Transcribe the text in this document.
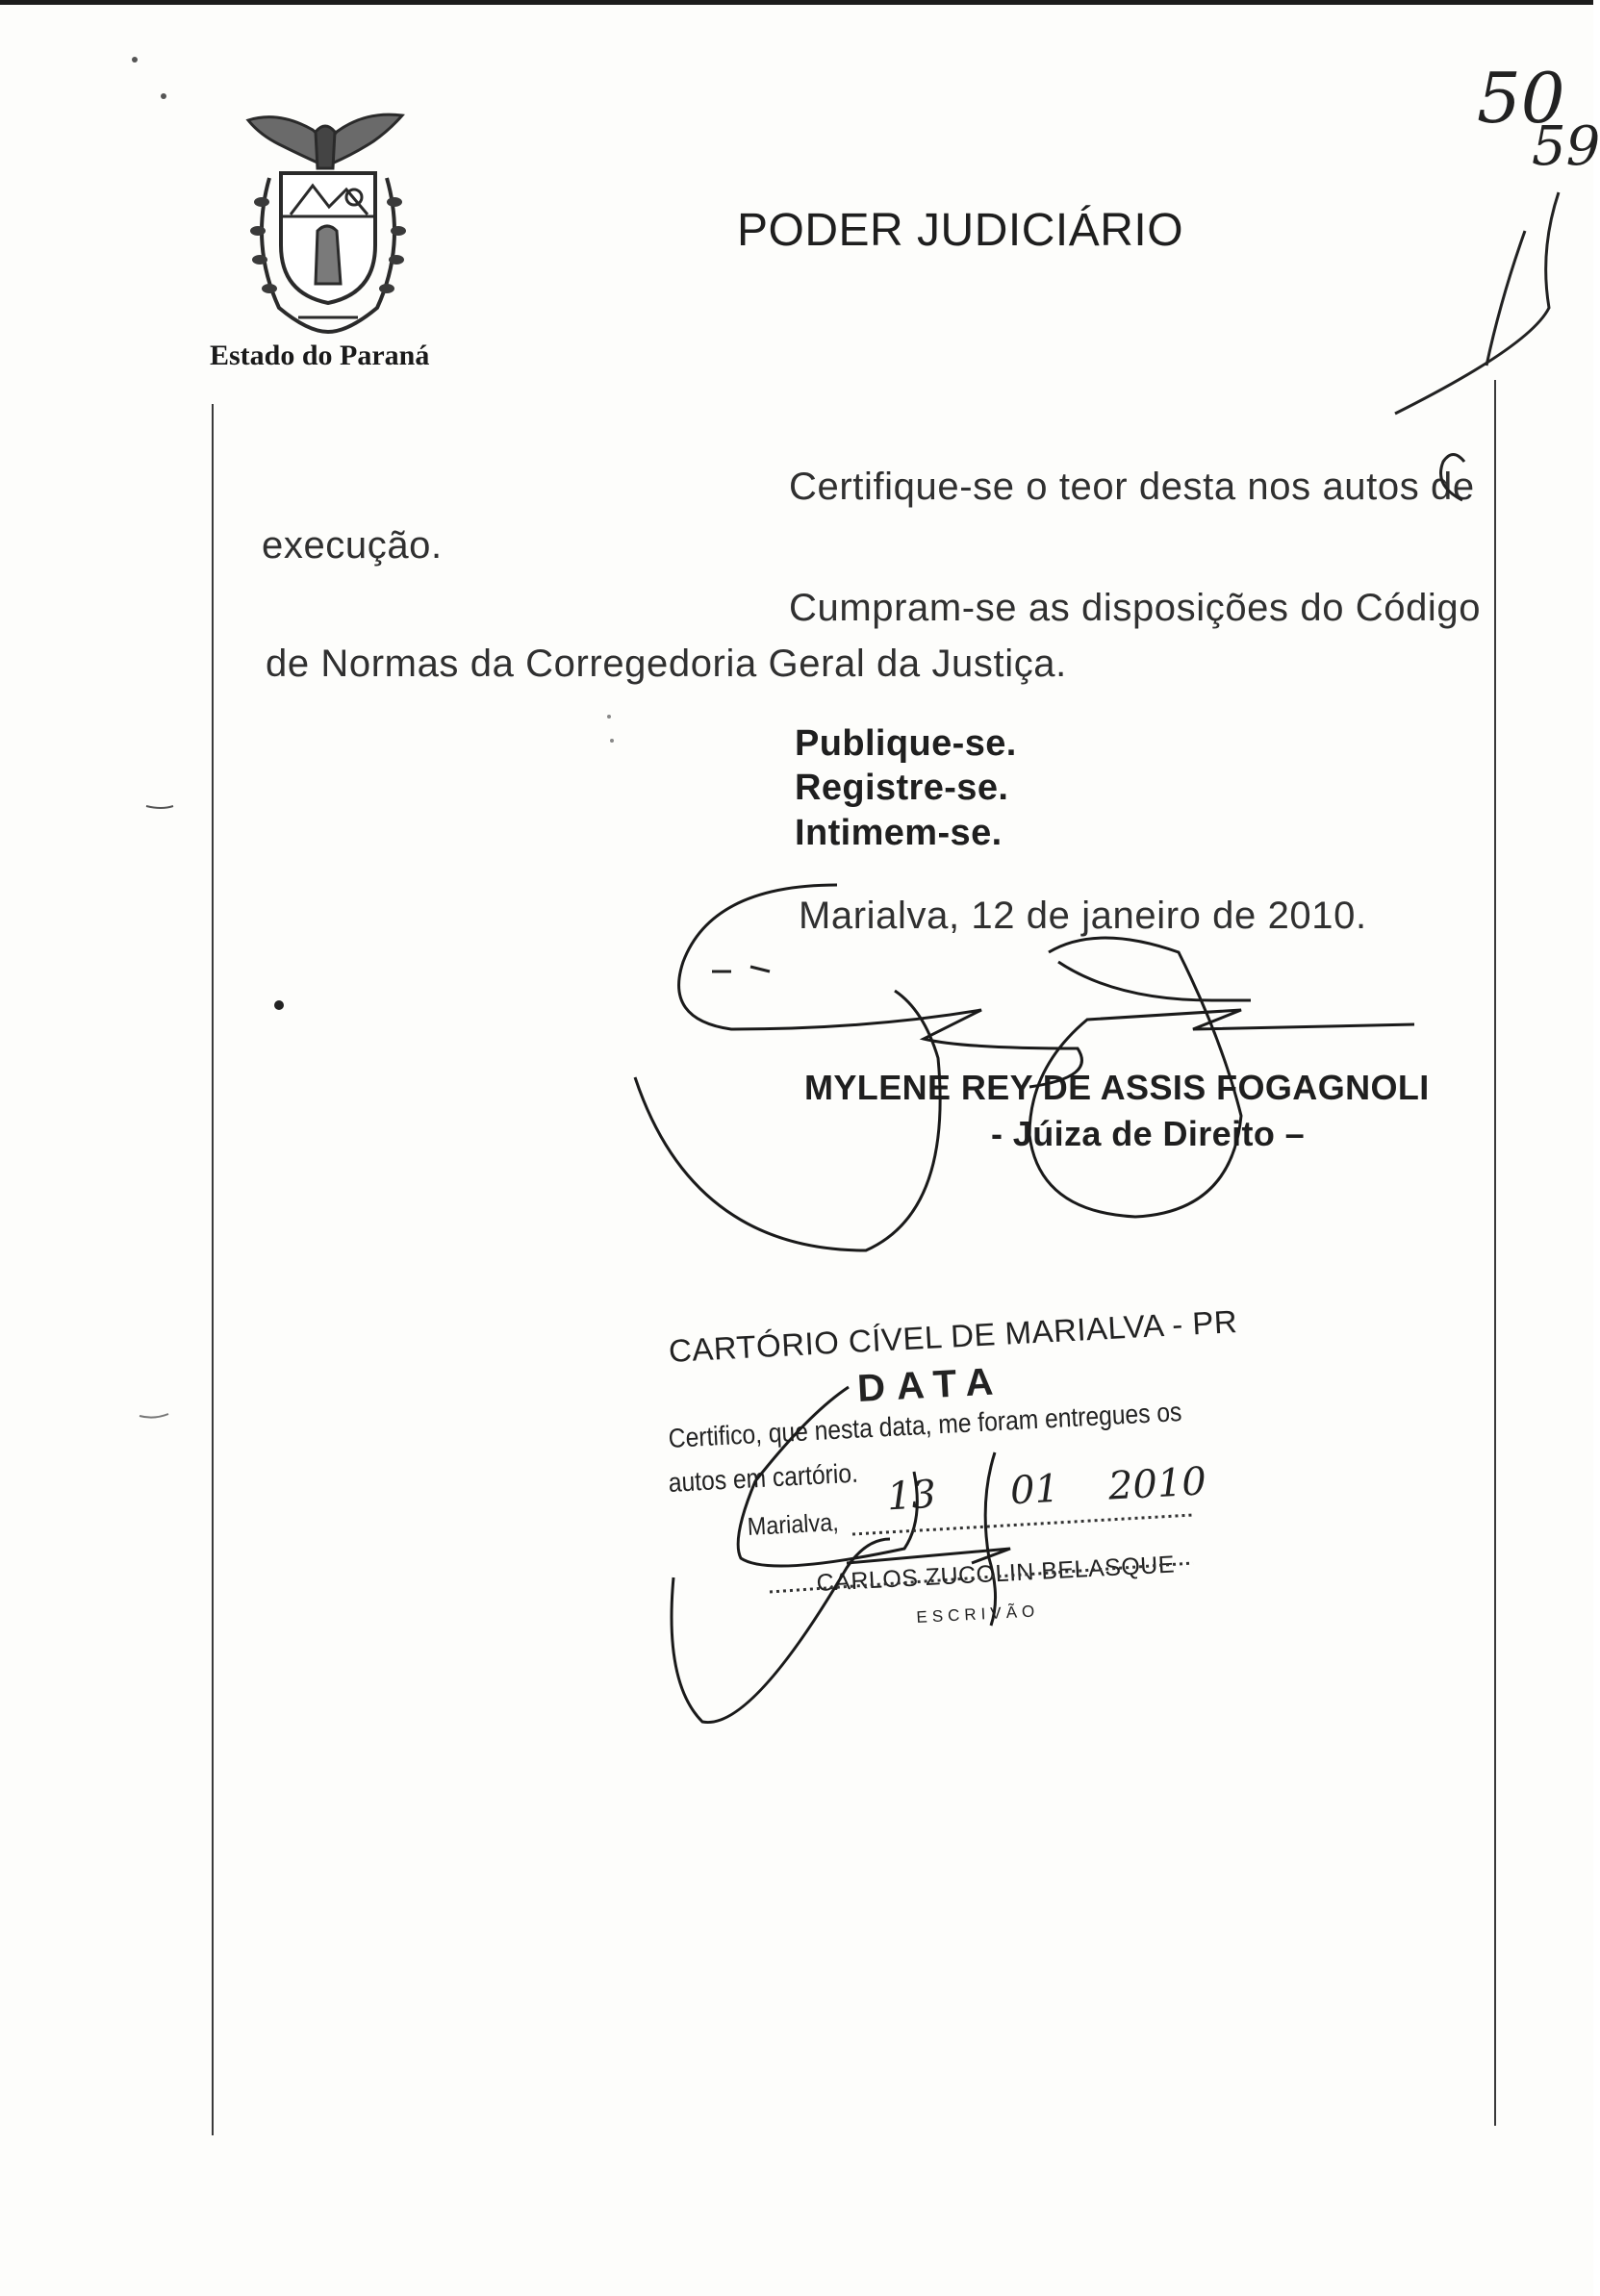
Estado do Paraná
PODER JUDICIÁRIO
50
59
Certifique-se o teor desta nos autos de
execução.
Cumpram-se as disposições do Código
de Normas da Corregedoria Geral da Justiça.
Publique-se.
Registre-se.
Intimem-se.
Marialva, 12 de janeiro de 2010.
MYLENE REY DE ASSIS FOGAGNOLI
- Júiza de Direito –
CARTÓRIO CÍVEL DE MARIALVA - PR
DATA
Certifico, que nesta data, me foram entregues os
autos em cartório.
Marialva,
13 01 2010
CARLOS ZUCOLIN BELASQUE
ESCRIVÃO
